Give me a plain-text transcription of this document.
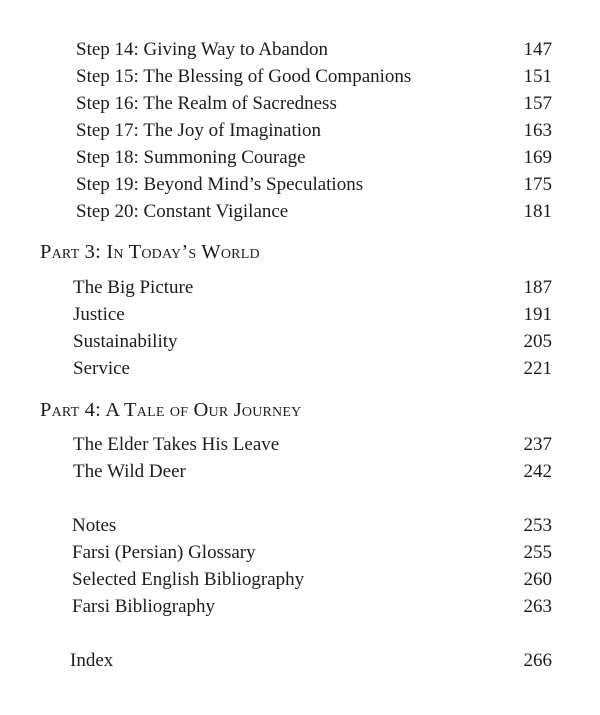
Step 14: Giving Way to Abandon	147
Step 15: The Blessing of Good Companions	151
Step 16: The Realm of Sacredness	157
Step 17: The Joy of Imagination	163
Step 18: Summoning Courage	169
Step 19: Beyond Mind’s Speculations	175
Step 20: Constant Vigilance	181
Part 3: In Today’s World
The Big Picture	187
Justice	191
Sustainability	205
Service	221
Part 4: A Tale of Our Journey
The Elder Takes His Leave	237
The Wild Deer	242
Notes	253
Farsi (Persian) Glossary	255
Selected English Bibliography	260
Farsi Bibliography	263
Index	266
